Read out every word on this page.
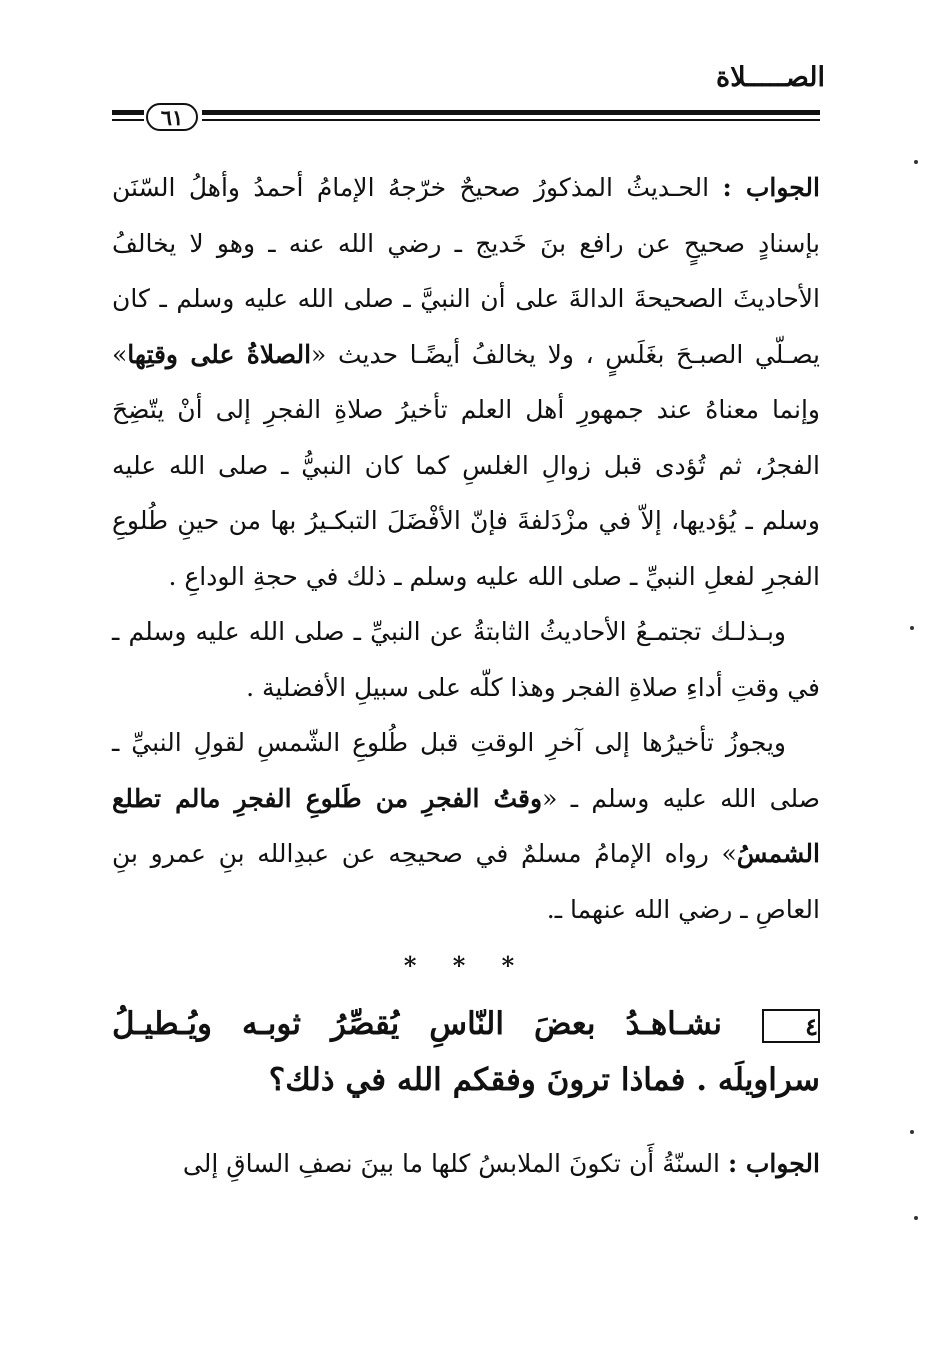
الصـــــلاة
٦١

الجواب : الحـديثُ المذكورُ صحيحٌ خرّجهُ الإمامُ أحمدُ وأهلُ السّنَن بإسنادٍ صحيحٍ عن رافع بنَ خَديج ـ رضي الله عنه ـ وهو لا يخالفُ الأحاديثَ الصحيحةَ الدالةَ على أن النبيَّ ـ صلى الله عليه وسلم ـ كان يصـلّي الصبـحَ بغَلَسٍ ، ولا يخالفُ أيضًـا حديث «الصلاةُ على وقتِها» وإنما معناهُ عند جمهورِ أهل العلم تأخيرُ صلاةِ الفجرِ إلى أنْ يتّضِحَ الفجرُ، ثم تُؤدى قبل زوالِ الغلسِ كما كان النبيُّ ـ صلى الله عليه وسلم ـ يُؤديها، إلاّ في مزْدَلفةَ فإنّ الأفْضَلَ التبكـيرُ بها من حينِ طُلوعِ الفجرِ لفعلِ النبيِّ ـ صلى الله عليه وسلم ـ ذلك في حجةِ الوداعِ .

وبـذلـك تجتمـعُ الأحاديثُ الثابتةُ عن النبيِّ ـ صلى الله عليه وسلم ـ في وقتِ أداءِ صلاةِ الفجر وهذا كلّه على سبيلِ الأفضلية .

ويجوزُ تأخيرُها إلى آخرِ الوقتِ قبل طُلوعِ الشّمسِ لقولِ النبيِّ ـ صلى الله عليه وسلم ـ «وقتُ الفجرِ من طَلوعِ الفجرِ مالم تطلع الشمسُ» رواه الإمامُ مسلمٌ في صحيحِه عن عبدِالله بنِ عمرو بنِ العاصِ ـ رضي الله عنهما ـ.

* * *

٤نشـاهـدُ بعضَ النّاسِ يُقصِّرُ ثوبـه ويُـطيـلُ سراويلَه . فماذا ترونَ وفقكم الله في ذلك؟

الجواب : السنّةُ أَن تكونَ الملابسُ كلها ما بينَ نصفِ الساقِ إلى
